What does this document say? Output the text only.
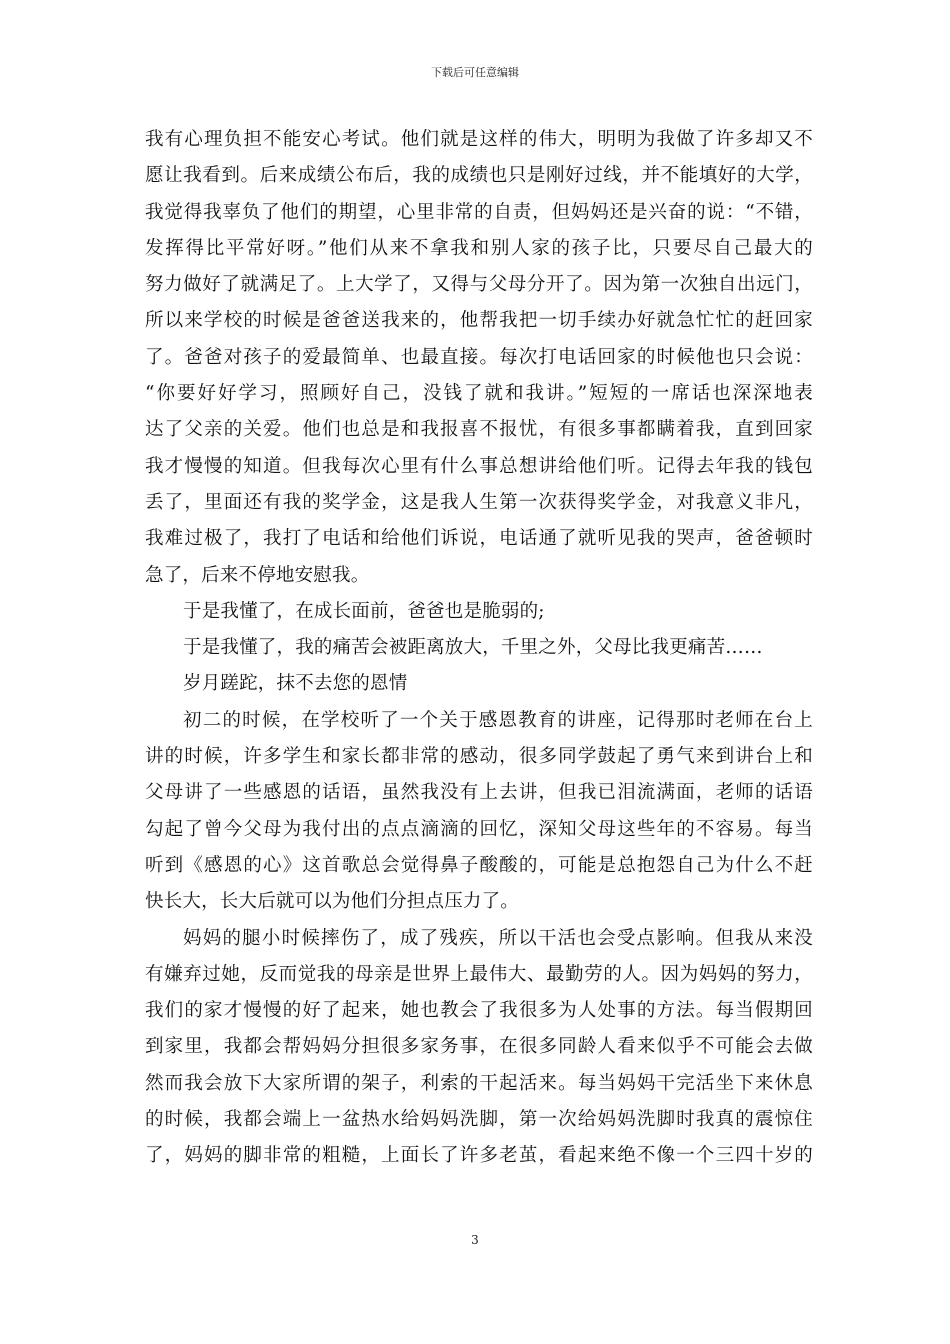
下载后可任意编辑
我有心理负担不能安心考试。他们就是这样的伟大，明明为我做了许多却又不
愿让我看到。后来成绩公布后，我的成绩也只是刚好过线，并不能填好的大学，
我觉得我辜负了他们的期望，心里非常的自责，但妈妈还是兴奋的说：“不错，
发挥得比平常好呀。”他们从来不拿我和别人家的孩子比，只要尽自己最大的
努力做好了就满足了。上大学了，又得与父母分开了。因为第一次独自出远门，
所以来学校的时候是爸爸送我来的，他帮我把一切手续办好就急忙忙的赶回家
了。爸爸对孩子的爱最简单、也最直接。每次打电话回家的时候他也只会说：
“你要好好学习，照顾好自己，没钱了就和我讲。”短短的一席话也深深地表
达了父亲的关爱。他们也总是和我报喜不报忧，有很多事都瞒着我，直到回家
我才慢慢的知道。但我每次心里有什么事总想讲给他们听。记得去年我的钱包
丢了，里面还有我的奖学金，这是我人生第一次获得奖学金，对我意义非凡，
我难过极了，我打了电话和给他们诉说，电话通了就听见我的哭声，爸爸顿时
急了，后来不停地安慰我。
于是我懂了，在成长面前，爸爸也是脆弱的;
于是我懂了，我的痛苦会被距离放大，千里之外，父母比我更痛苦……
岁月蹉跎，抹不去您的恩情
初二的时候，在学校听了一个关于感恩教育的讲座，记得那时老师在台上
讲的时候，许多学生和家长都非常的感动，很多同学鼓起了勇气来到讲台上和
父母讲了一些感恩的话语，虽然我没有上去讲，但我已泪流满面，老师的话语
勾起了曾今父母为我付出的点点滴滴的回忆，深知父母这些年的不容易。每当
听到《感恩的心》这首歌总会觉得鼻子酸酸的，可能是总抱怨自己为什么不赶
快长大，长大后就可以为他们分担点压力了。
妈妈的腿小时候摔伤了，成了残疾，所以干活也会受点影响。但我从来没
有嫌弃过她，反而觉我的母亲是世界上最伟大、最勤劳的人。因为妈妈的努力，
我们的家才慢慢的好了起来，她也教会了我很多为人处事的方法。每当假期回
到家里，我都会帮妈妈分担很多家务事，在很多同龄人看来似乎不可能会去做
然而我会放下大家所谓的架子，利索的干起活来。每当妈妈干完活坐下来休息
的时候，我都会端上一盆热水给妈妈洗脚，第一次给妈妈洗脚时我真的震惊住
了，妈妈的脚非常的粗糙，上面长了许多老茧，看起来绝不像一个三四十岁的
3
